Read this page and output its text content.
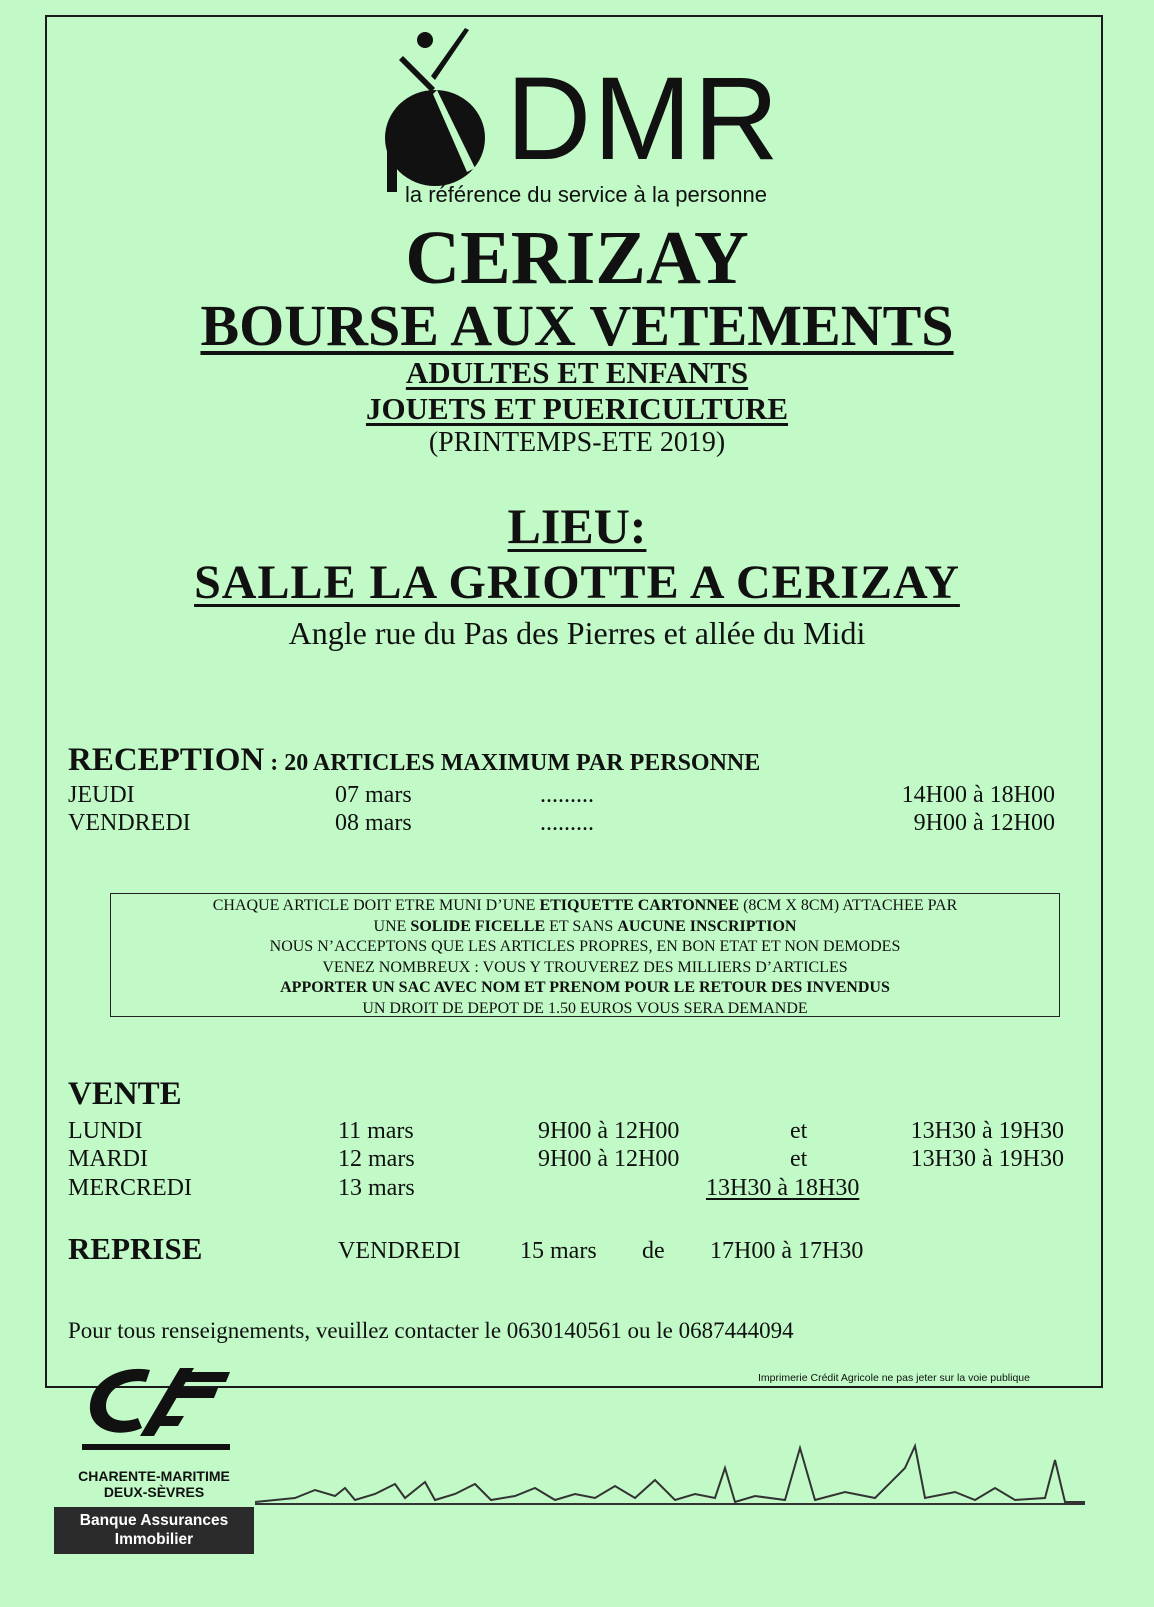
DMR
la référence du service à la personne
CERIZAY
BOURSE AUX VETEMENTS
ADULTES ET ENFANTS
JOUETS ET PUERICULTURE
(PRINTEMPS-ETE 2019)
LIEU:
SALLE LA GRIOTTE A CERIZAY
Angle rue du Pas des Pierres et allée du Midi
RECEPTION : 20 ARTICLES MAXIMUM PAR PERSONNE
JEUDI	07 mars	.........	14H00 à 18H00
VENDREDI	08 mars	.........	9H00 à 12H00
CHAQUE ARTICLE DOIT ETRE MUNI D’UNE ETIQUETTE CARTONNEE (8CM X 8CM) ATTACHEE PAR
UNE SOLIDE FICELLE ET SANS AUCUNE INSCRIPTION
NOUS N’ACCEPTONS QUE LES ARTICLES PROPRES, EN BON ETAT ET NON DEMODES
VENEZ NOMBREUX : VOUS Y TROUVEREZ DES MILLIERS D’ARTICLES
APPORTER UN SAC AVEC NOM ET PRENOM POUR LE RETOUR DES INVENDUS
UN DROIT DE DEPOT DE 1.50 EUROS VOUS SERA DEMANDE
VENTE
LUNDI	11 mars	9H00 à 12H00	et	13H30 à 19H30
MARDI	12 mars	9H00 à 12H00	et	13H30 à 19H30
MERCREDI	13 mars	13H30 à 18H30
REPRISE	VENDREDI 15 mars de 17H00 à 17H30
Pour tous renseignements, veuillez contacter le 0630140561 ou le 0687444094
CHARENTE-MARITIME
DEUX-SÈVRES
Banque Assurances
Immobilier
Imprimerie Crédit Agricole ne pas jeter sur la voie publique
